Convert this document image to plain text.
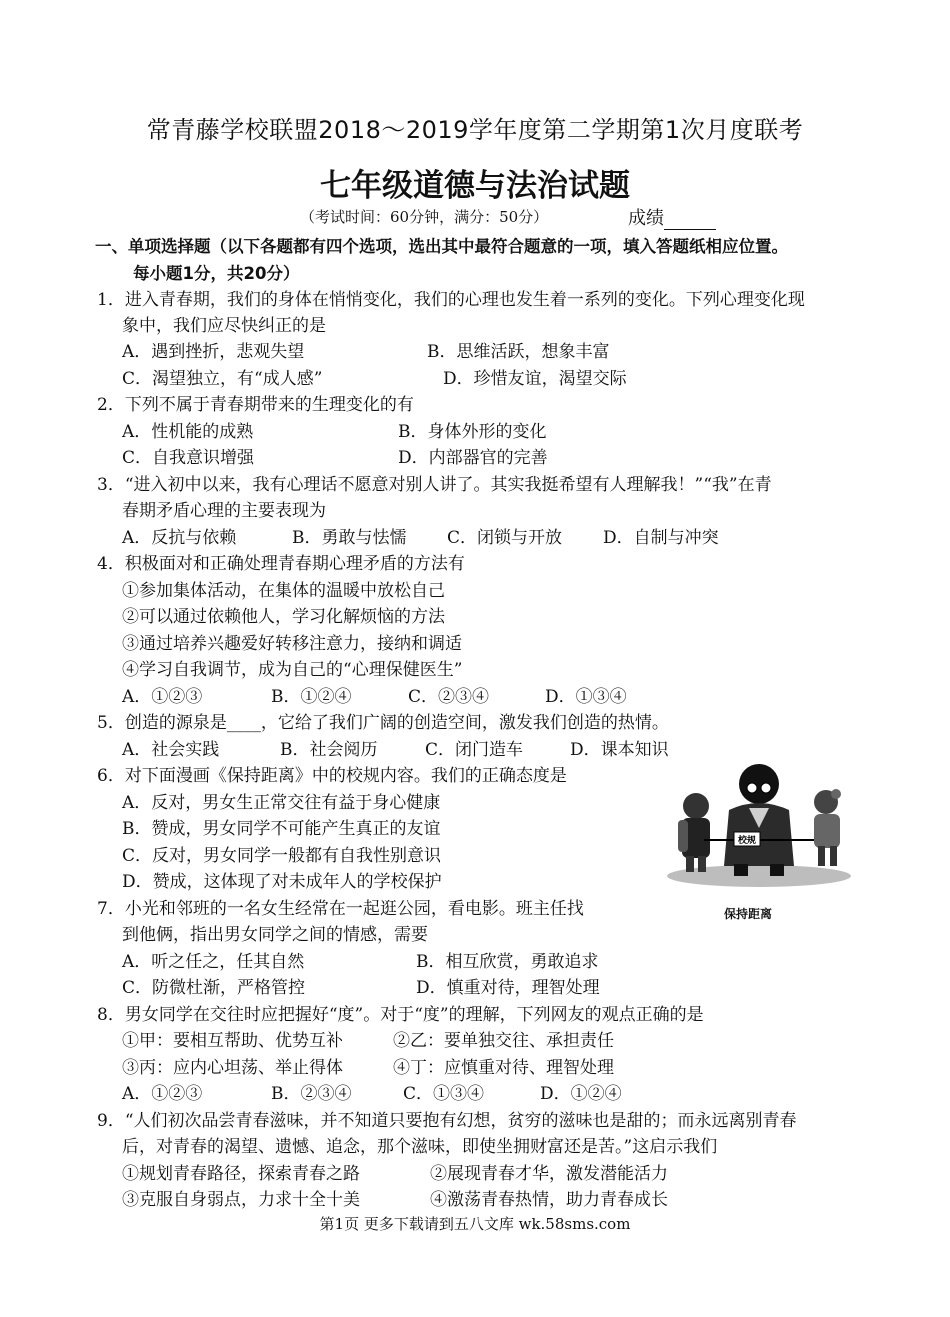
常青藤学校联盟2018～2019学年度第二学期第1次月度联考
七年级道德与法治试题
（考试时间：60分钟，满分：50分）	成绩
一、单项选择题（以下各题都有四个选项，选出其中最符合题意的一项，填入答题纸相应位置。
每小题1分，共20分）
1．进入青春期，我们的身体在悄悄变化，我们的心理也发生着一系列的变化。下列心理变化现
象中，我们应尽快纠正的是
A．遇到挫折，悲观失望	B．思维活跃，想象丰富
C．渴望独立，有“成人感”	D．珍惜友谊，渴望交际
2．下列不属于青春期带来的生理变化的有
A．性机能的成熟	B．身体外形的变化
C．自我意识增强	D．内部器官的完善
3．“进入初中以来，我有心理话不愿意对别人讲了。其实我挺希望有人理解我！”“我”在青
春期矛盾心理的主要表现为
A．反抗与依赖	B．勇敢与怯懦 C．闭锁与开放 D．自制与冲突
4．积极面对和正确处理青春期心理矛盾的方法有
①参加集体活动，在集体的温暖中放松自己
②可以通过依赖他人，学习化解烦恼的方法
③通过培养兴趣爱好转移注意力，接纳和调适
④学习自我调节，成为自己的“心理保健医生”
A．①②③	B．①②④	C．②③④	D．①③④
5．创造的源泉是____，它给了我们广阔的创造空间，激发我们创造的热情。
A．社会实践	B．社会阅历	C．闭门造车	D．课本知识
6．对下面漫画《保持距离》中的校规内容。我们的正确态度是
A．反对，男女生正常交往有益于身心健康
B．赞成，男女同学不可能产生真正的友谊
C．反对，男女同学一般都有自我性别意识
D．赞成，这体现了对未成年人的学校保护
校规
保持距离
7．小光和邻班的一名女生经常在一起逛公园，看电影。班主任找
到他俩，指出男女同学之间的情感，需要
A．听之任之，任其自然	B．相互欣赏，勇敢追求
C．防微杜渐，严格管控	D．慎重对待，理智处理
8．男女同学在交往时应把握好“度”。对于“度”的理解，下列网友的观点正确的是
①甲：要相互帮助、优势互补	②乙：要单独交往、承担责任
③丙：应内心坦荡、举止得体	④丁：应慎重对待、理智处理
A．①②③	B．②③④	C．①③④	D．①②④
9．“人们初次品尝青春滋味，并不知道只要抱有幻想，贫穷的滋味也是甜的；而永远离别青春
后，对青春的渴望、遗憾、追念，那个滋味，即使坐拥财富还是苦。”这启示我们
①规划青春路径，探索青春之路	②展现青春才华，激发潜能活力
③克服自身弱点，力求十全十美	④激荡青春热情，助力青春成长
第1页 更多下载请到五八文库 wk.58sms.com
